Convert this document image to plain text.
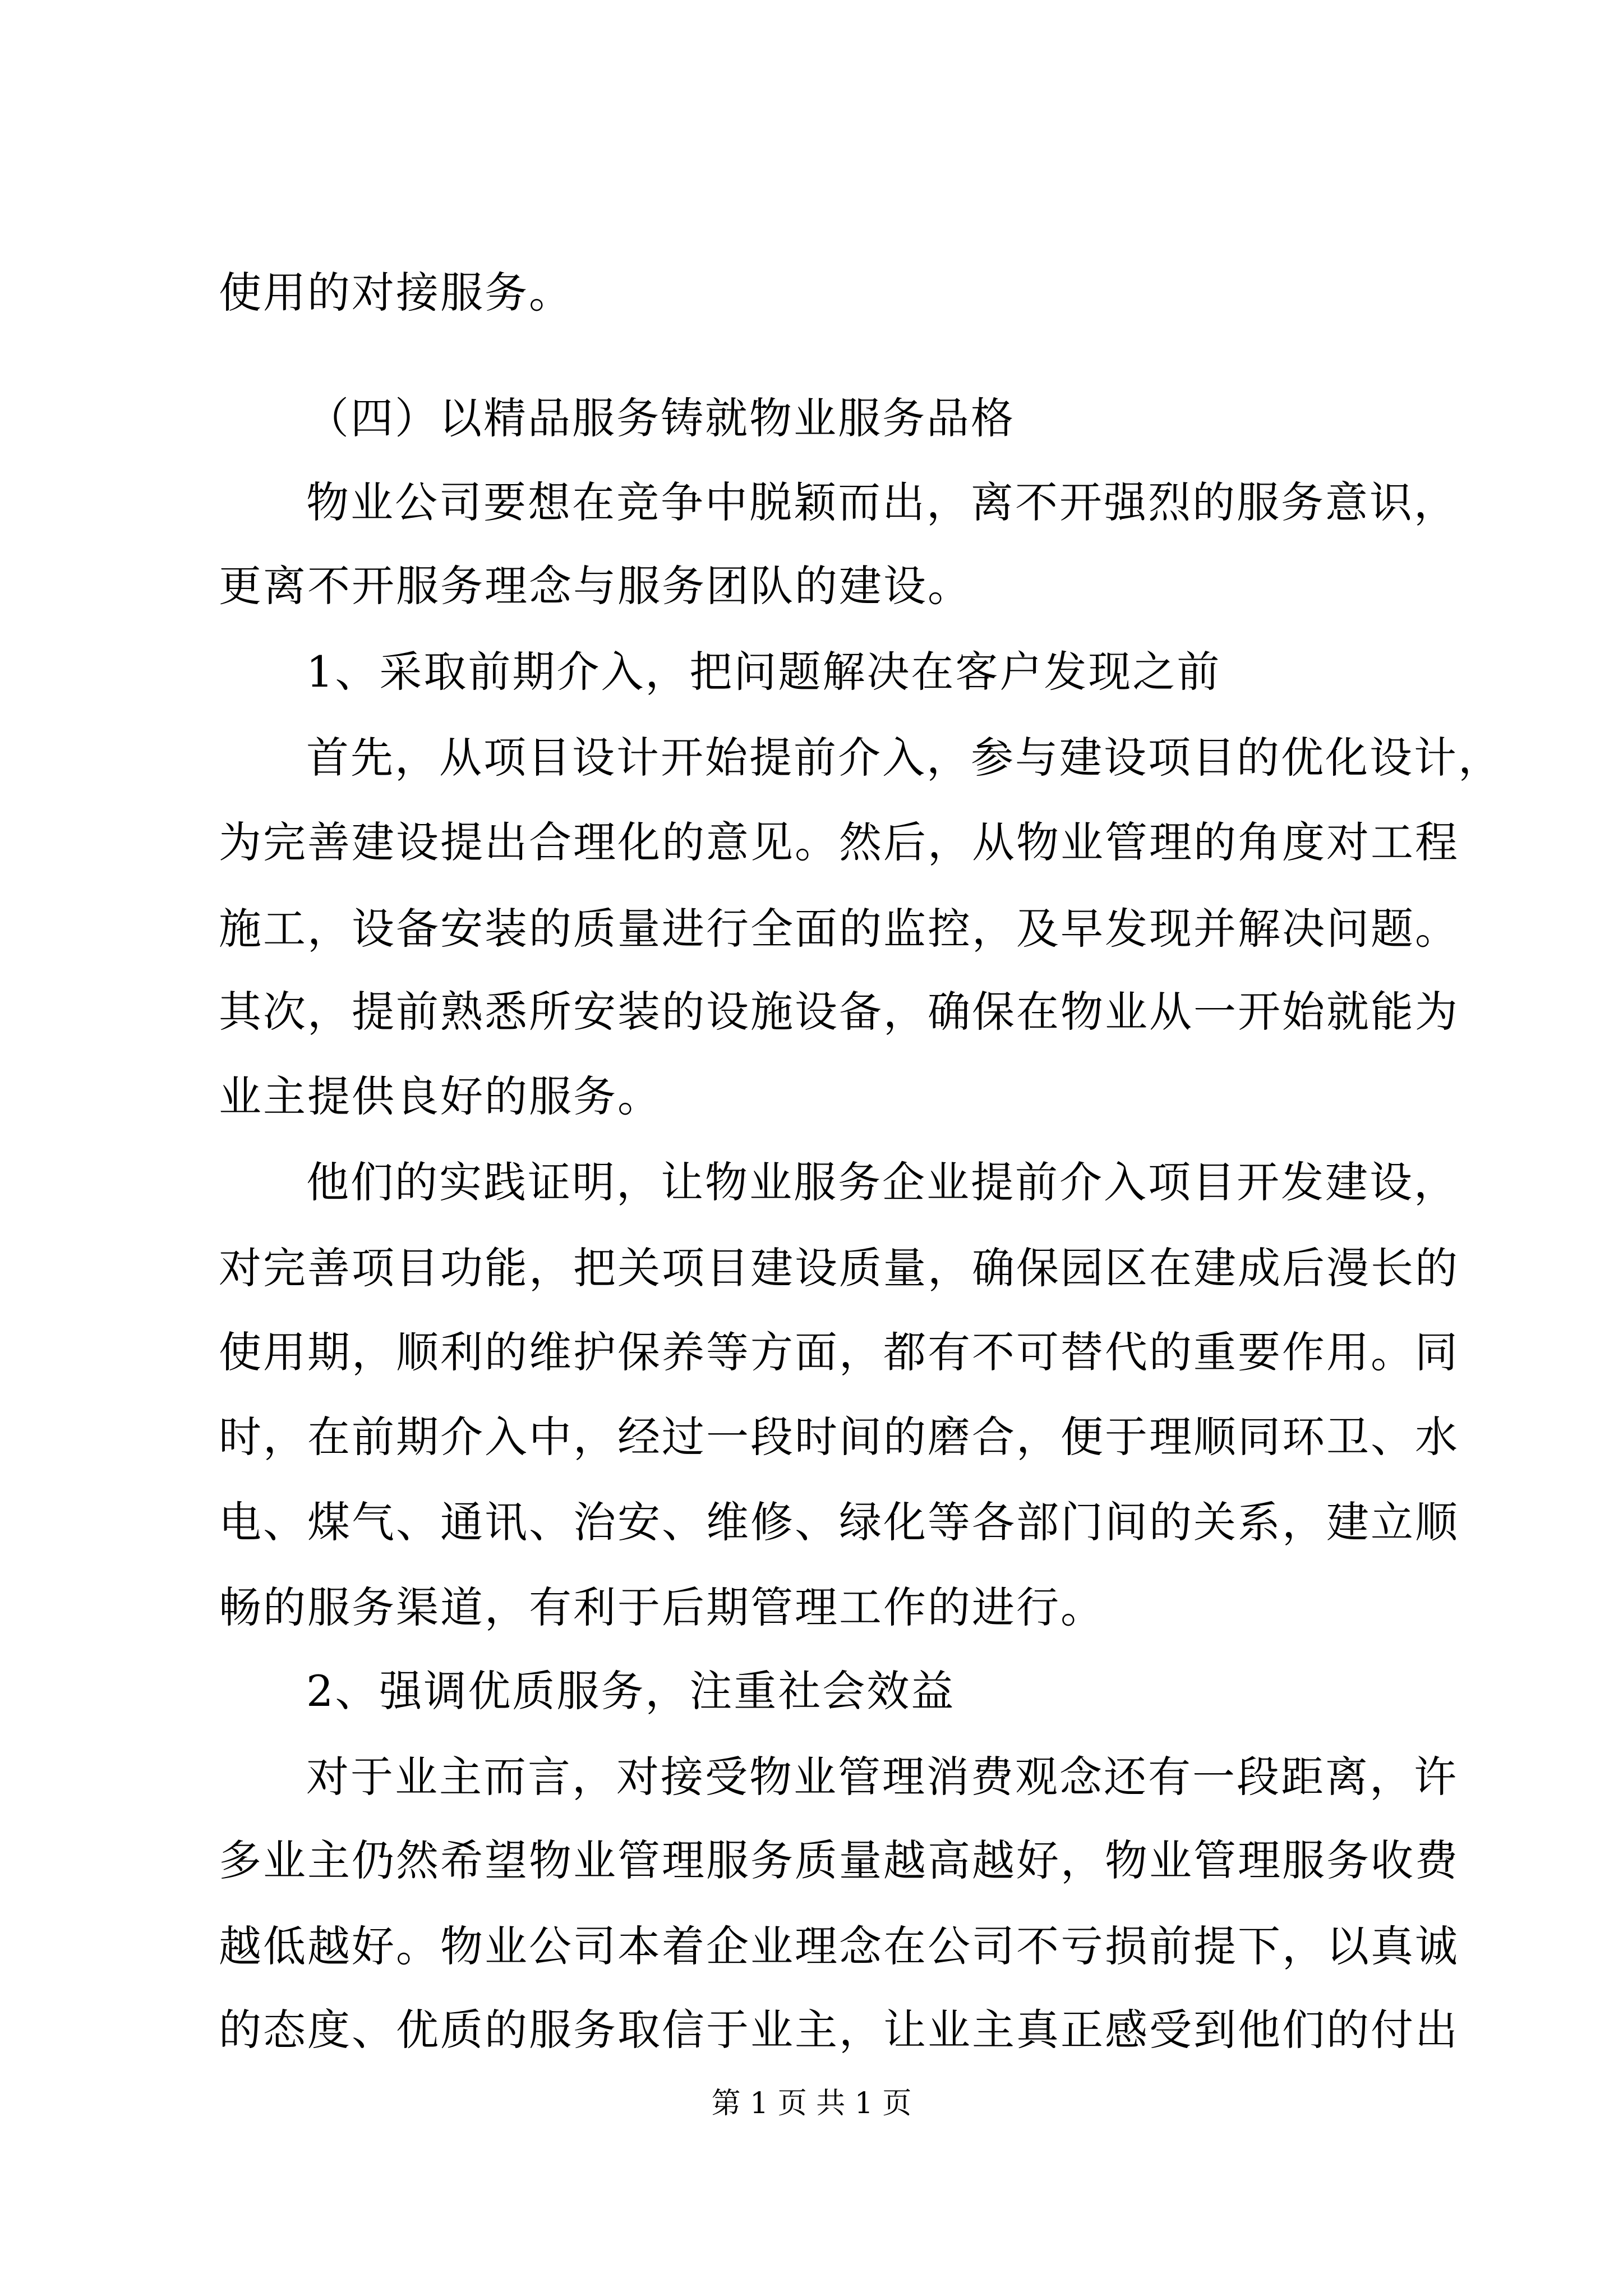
使用的对接服务。
（四）以精品服务铸就物业服务品格
物业公司要想在竞争中脱颖而出，离不开强烈的服务意识，
更离不开服务理念与服务团队的建设。
1、采取前期介入，把问题解决在客户发现之前
首先，从项目设计开始提前介入，参与建设项目的优化设计，
为完善建设提出合理化的意见。然后，从物业管理的角度对工程
施工，设备安装的质量进行全面的监控，及早发现并解决问题。
其次，提前熟悉所安装的设施设备，确保在物业从一开始就能为
业主提供良好的服务。
他们的实践证明，让物业服务企业提前介入项目开发建设，
对完善项目功能，把关项目建设质量，确保园区在建成后漫长的
使用期，顺利的维护保养等方面，都有不可替代的重要作用。同
时，在前期介入中，经过一段时间的磨合，便于理顺同环卫、水
电、煤气、通讯、治安、维修、绿化等各部门间的关系，建立顺
畅的服务渠道，有利于后期管理工作的进行。
2、强调优质服务，注重社会效益
对于业主而言，对接受物业管理消费观念还有一段距离，许
多业主仍然希望物业管理服务质量越高越好，物业管理服务收费
越低越好。物业公司本着企业理念在公司不亏损前提下，以真诚
的态度、优质的服务取信于业主，让业主真正感受到他们的付出
第 1 页 共 1 页
